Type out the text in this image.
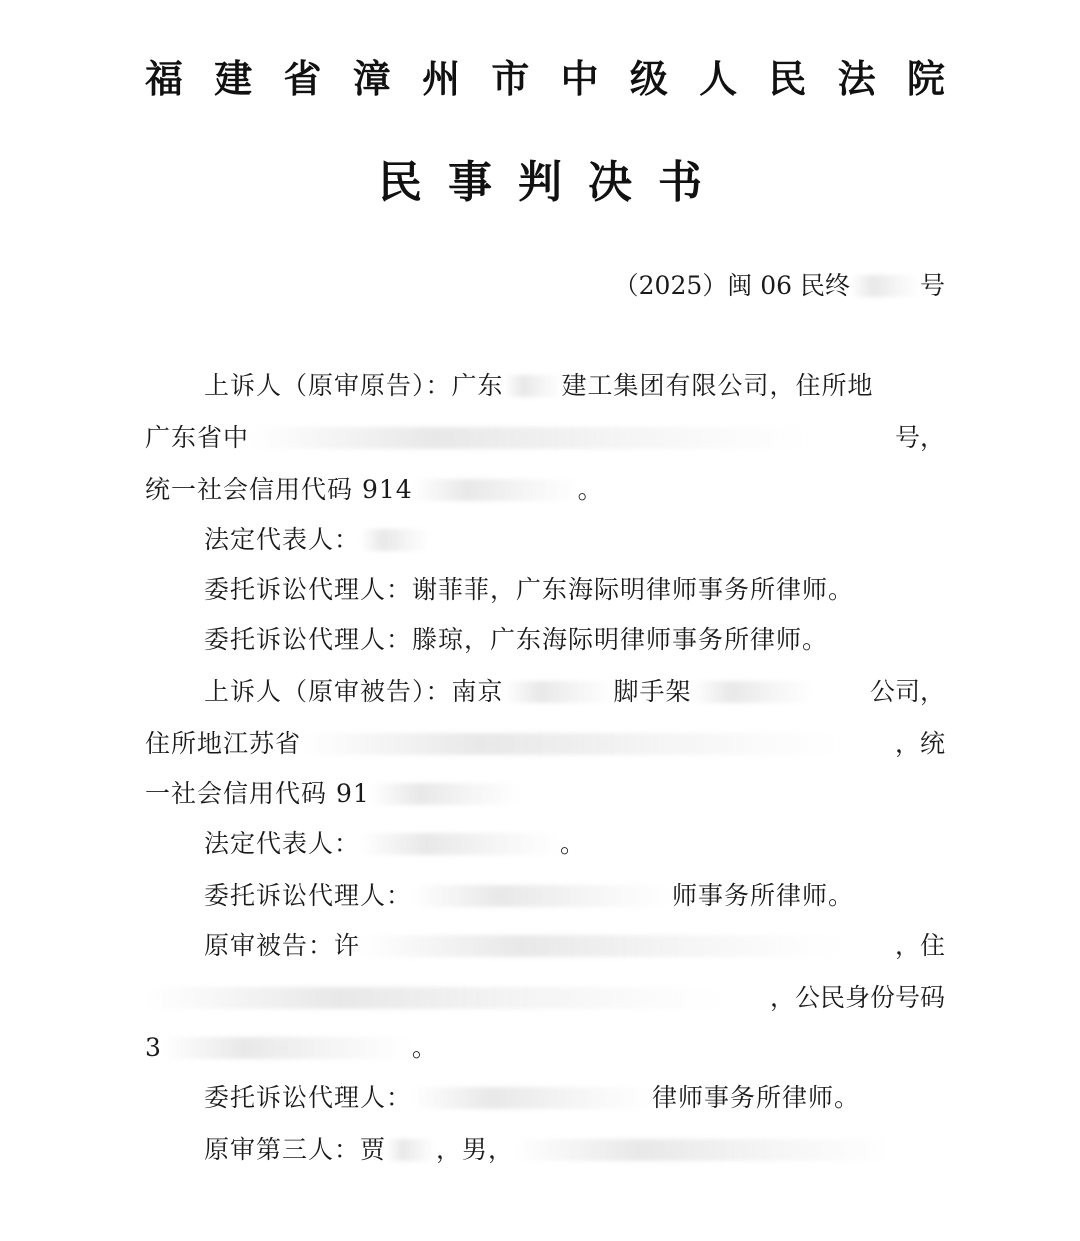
福 建 省 漳 州 市 中 级 人 民 法 院
民事判决书
（2025）闽 06 民终	号
上诉人（原审原告）：广东 建工集团有限公司，住所地
广东省中	号，
统一社会信用代码 914	。
法定代表人：
委托诉讼代理人：谢菲菲，广东海际明律师事务所律师。
委托诉讼代理人：滕琼，广东海际明律师事务所律师。
上诉人（原审被告）：南京	脚手架	公司，
住所地江苏省	，统
一社会信用代码 91
法定代表人：	。
委托诉讼代理人：	师事务所律师。
原审被告：许	，住
，公民身份号码
3	。
委托诉讼代理人：	律师事务所律师。
原审第三人：贾 ，男，
